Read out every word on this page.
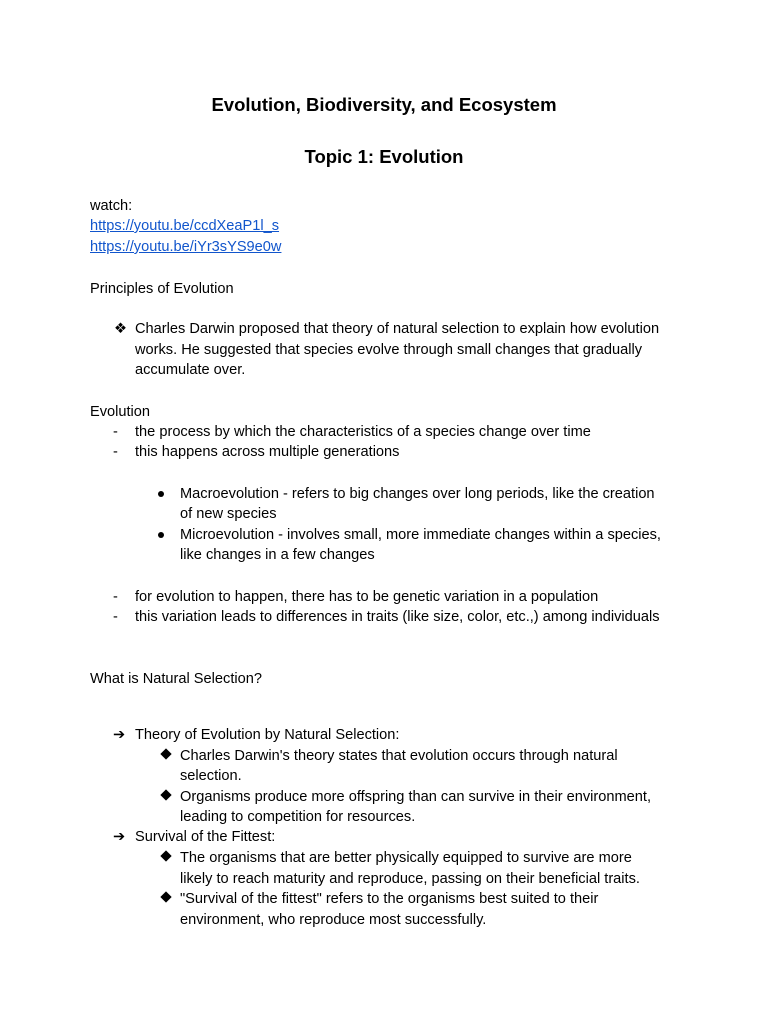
Evolution, Biodiversity, and Ecosystem
Topic 1: Evolution
watch:
https://youtu.be/ccdXeaP1l_s
https://youtu.be/iYr3sYS9e0w
Principles of Evolution
❖ Charles Darwin proposed that theory of natural selection to explain how evolution
works. He suggested that species evolve through small changes that gradually
accumulate over.
Evolution
- the process by which the characteristics of a species change over time
- this happens across multiple generations
Macroevolution - refers to big changes over long periods, like the creation
of new species
Microevolution - involves small, more immediate changes within a species,
like changes in a few changes
- for evolution to happen, there has to be genetic variation in a population
- this variation leads to differences in traits (like size, color, etc.,) among individuals
What is Natural Selection?
➔ Theory of Evolution by Natural Selection:
Charles Darwin's theory states that evolution occurs through natural
selection.
Organisms produce more offspring than can survive in their environment,
leading to competition for resources.
➔ Survival of the Fittest:
The organisms that are better physically equipped to survive are more
likely to reach maturity and reproduce, passing on their beneficial traits.
"Survival of the fittest" refers to the organisms best suited to their
environment, who reproduce most successfully.
